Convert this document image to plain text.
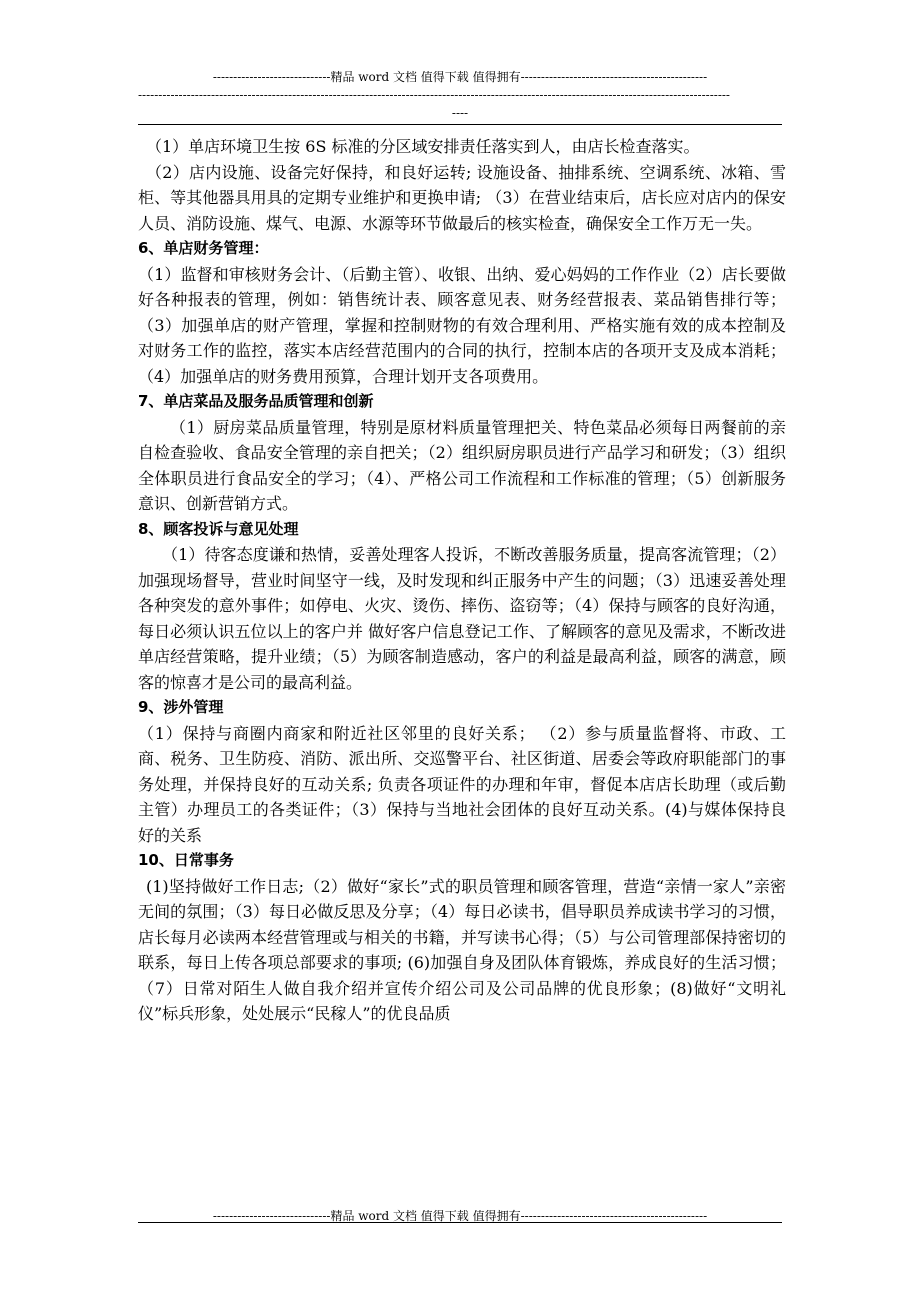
-----------------------------精品 word 文档 值得下载 值得拥有----------------------------------------------
--------------------------------------------------------------------------------------------------------------------------------------------------
----

（1）单店环境卫生按 6S 标准的分区域安排责任落实到人，由店长检查落实。

（2）店内设施、设备完好保持，和良好运转; 设施设备、抽排系统、空调系统、冰箱、雪柜、等其他器具用具的定期专业维护和更换申请; （3）在营业结束后，店长应对店内的保安人员、消防设施、煤气、电源、水源等环节做最后的核实检查，确保安全工作万无一失。

6、单店财务管理：

（1）监督和审核财务会计、（后勤主管）、收银、出纳、爱心妈妈的工作作业（2）店长要做好各种报表的管理，例如：销售统计表、顾客意见表、财务经营报表、菜品销售排行等； （3）加强单店的财产管理，掌握和控制财物的有效合理利用、严格实施有效的成本控制及对财务工作的监控，落实本店经营范围内的合同的执行，控制本店的各项开支及成本消耗；（4）加强单店的财务费用预算，合理计划开支各项费用。

7、单店菜品及服务品质管理和创新

（1）厨房菜品质量管理，特别是原材料质量管理把关、特色菜品必须每日两餐前的亲自检查验收、食品安全管理的亲自把关；（2）组织厨房职员进行产品学习和研发；（3）组织全体职员进行食品安全的学习；（4）、严格公司工作流程和工作标准的管理；（5）创新服务意识、创新营销方式。

8、顾客投诉与意见处理

（1）待客态度谦和热情，妥善处理客人投诉，不断改善服务质量，提高客流管理；（2）加强现场督导，营业时间坚守一线，及时发现和纠正服务中产生的问题；（3）迅速妥善处理各种突发的意外事件；如停电、火灾、烫伤、摔伤、盗窃等；（4）保持与顾客的良好沟通，每日必须认识五位以上的客户并 做好客户信息登记工作、了解顾客的意见及需求，不断改进单店经营策略，提升业绩；（5）为顾客制造感动，客户的利益是最高利益，顾客的满意，顾客的惊喜才是公司的最高利益。

9、涉外管理

（1）保持与商圈内商家和附近社区邻里的良好关系； （2）参与质量监督将、市政、工商、税务、卫生防疫、消防、派出所、交巡警平台、社区街道、居委会等政府职能部门的事务处理，并保持良好的互动关系; 负责各项证件的办理和年审，督促本店店长助理（或后勤主管）办理员工的各类证件；（3）保持与当地社会团体的良好互动关系。(4)与媒体保持良好的关系

10、日常事务

(1)坚持做好工作日志;（2）做好“家长”式的职员管理和顾客管理，营造“亲情一家人”亲密无间的氛围；（3）每日必做反思及分享；（4）每日必读书，倡导职员养成读书学习的习惯，店长每月必读两本经营管理或与相关的书籍，并写读书心得；（5）与公司管理部保持密切的联系，每日上传各项总部要求的事项; (6)加强自身及团队体育锻炼，养成良好的生活习惯；（7）日常对陌生人做自我介绍并宣传介绍公司及公司品牌的优良形象；(8)做好“文明礼仪”标兵形象，处处展示“民稼人”的优良品质

-----------------------------精品 word 文档 值得下载 值得拥有----------------------------------------------
